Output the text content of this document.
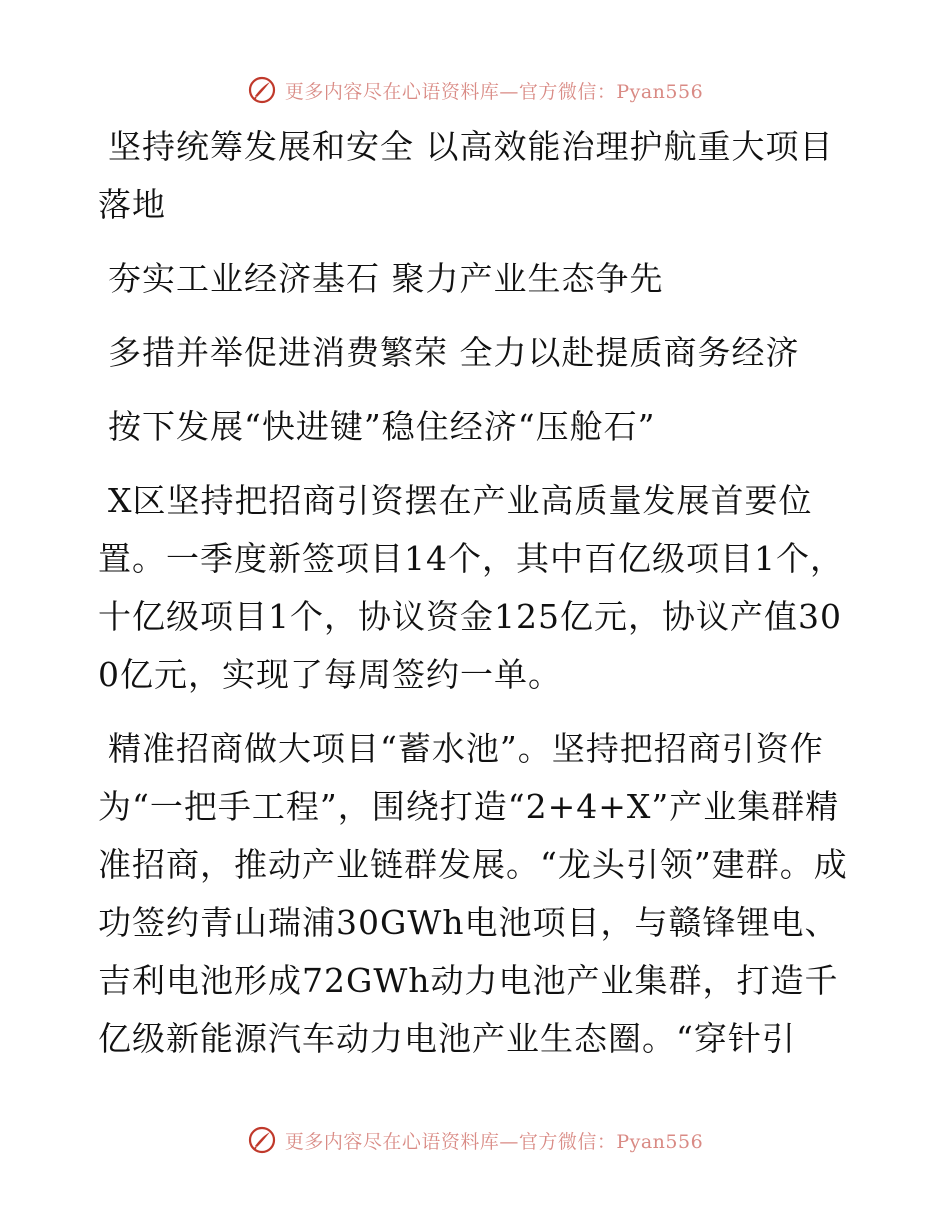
更多内容尽在心语资料库—官方微信：Pyan556

坚持统筹发展和安全 以高效能治理护航重大项目落地

夯实工业经济基石 聚力产业生态争先

多措并举促进消费繁荣 全力以赴提质商务经济

按下发展“快进键”稳住经济“压舱石”

X区坚持把招商引资摆在产业高质量发展首要位置。一季度新签项目14个，其中百亿级项目1个，十亿级项目1个，协议资金125亿元，协议产值300亿元，实现了每周签约一单。

精准招商做大项目“蓄水池”。坚持把招商引资作为“一把手工程”，围绕打造“2+4+X”产业集群精准招商，推动产业链群发展。“龙头引领”建群。成功签约青山瑞浦30GWh电池项目，与赣锋锂电、吉利电池形成72GWh动力电池产业集群，打造千亿级新能源汽车动力电池产业生态圈。“穿针引

更多内容尽在心语资料库—官方微信：Pyan556
